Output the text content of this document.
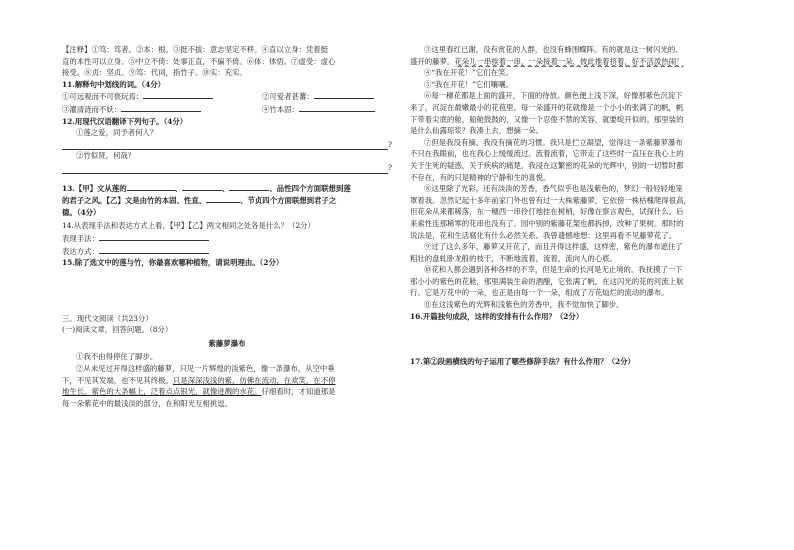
【注释】①笃：笃者。②本：根。③挺不拔：意志坚定不移。④直以立身：凭着挺
直的本性可以立身。⑤中立不倚：处事正直，不偏不倚。⑥体：体悟。⑦虚受：虚心
接受。⑧贞：坚贞。⑨笃：代词，指竹子。⑩实：充实。
11.解释句中划线的词。（4分）
①可远观而不可亵玩焉：	②可爱者甚蕃：
③濯清涟而不妖：	④竹本固：
12.用现代汉语翻译下列句子。（4分）
①莲之爱，同予者何人？
?
②竹似贤，何哉？
?
13.【甲】文从莲的	、	、	、品性四个方面联想到莲
的君子之风。【乙】文是由竹的本固、性直、	、节贞四个方面联想到君子之
德。（4分）
14.从表现手法和表达方式上看，【甲】【乙】两文相同之处各是什么？（2分）
表现手法：
表达方式：
15.除了选文中的莲与竹，你最喜欢哪种植物，请说明理由。（2分）
三、现代文阅读（共23分）
(一)阅读文章，回答问题。（8分）
紫藤萝瀑布
①我不由得停住了脚步。
②从未见过开得这样盛的藤萝，只见一片辉煌的淡紫色，像一条瀑布，从空中垂
下，不见其发端，也不见其终极。只是深深浅浅的紫，仿佛在流动，在欢笑，在不停
地生长。紫色的大条幅上，泛着点点银光，就像迸溅的水花。仔细看时，才知道那是
每一朵紫花中的最浅淡的部分，在和阳光互相挑逗。
③这里春红已谢，没有赏花的人群，也没有蜂围蝶阵。有的就是这一树闪光的、
盛开的藤萝。花朵儿一串挨着一串，一朵接着一朵，彼此推着挤着，好不活泼热闹！
④“我在开花！”它们在笑。
⑤“我在开花！”它们嚷嚷。
⑥每一穗花都是上面的盛开，下面的待放。颜色便上浅下深，好像那紫色沉淀下
来了，沉淀在最嫩最小的花苞里。每一朵盛开的花就像是一个小小的张满了的帆，帆
下带着尖底的舱，船舱鼓鼓的，又像一个忍俊不禁的笑容，就要绽开似的。那里装的
是什么仙露琼浆？我凑上去，想摘一朵。
⑦但是我没有摘。我没有摘花的习惯。我只是伫立凝望，觉得这一条紫藤萝瀑布
不只在我眼前，也在我心上缓缓流过。流着流着，它带走了这些时一直压在我心上的
关于生死的疑惑，关于疾病的痛楚。我浸在这繁密的花朵的光辉中，别的一切暂时都
不存在，有的只是精神的宁静和生的喜悦。
⑧这里除了光彩，还有淡淡的芳香，香气似乎也是浅紫色的，梦幻一般轻轻地笼
罩着我。忽然记起十多年前家门外也曾有过一大株紫藤萝，它依傍一株枯槐爬得很高，
但花朵从来都稀落，东一穗西一串伶仃地挂在树梢，好像在察言观色，试探什么。后
来索性连那稀零的花串也没有了。园中别的紫藤花架也都拆掉，改种了果树。那时的
说法是，花和生活腐化有什么必然关系。我曾遗憾地想：这里再看不见藤萝花了。
⑨过了这么多年，藤萝又开花了，而且开得这样盛，这样密，紫色的瀑布遮住了
粗壮的盘虬卧龙般的枝干，不断地流着，流着，流向人的心底。
⑩花和人都会遇到各种各样的不幸，但是生命的长河是无止境的。我抚摸了一下
那小小的紫色的花舱，那里满装生命的酒酿，它张满了帆，在这闪光的花的河流上航
行。它是万花中的一朵，也正是由每一个一朵，组成了万花灿烂的流动的瀑布。
⑪在这浅紫色的光辉和浅紫色的芳香中，我不觉加快了脚步。
16.开篇独句成段，这样的安排有什么作用？（2分）
17.第②段画横线的句子运用了哪些修辞手法？有什么作用？（2分）
